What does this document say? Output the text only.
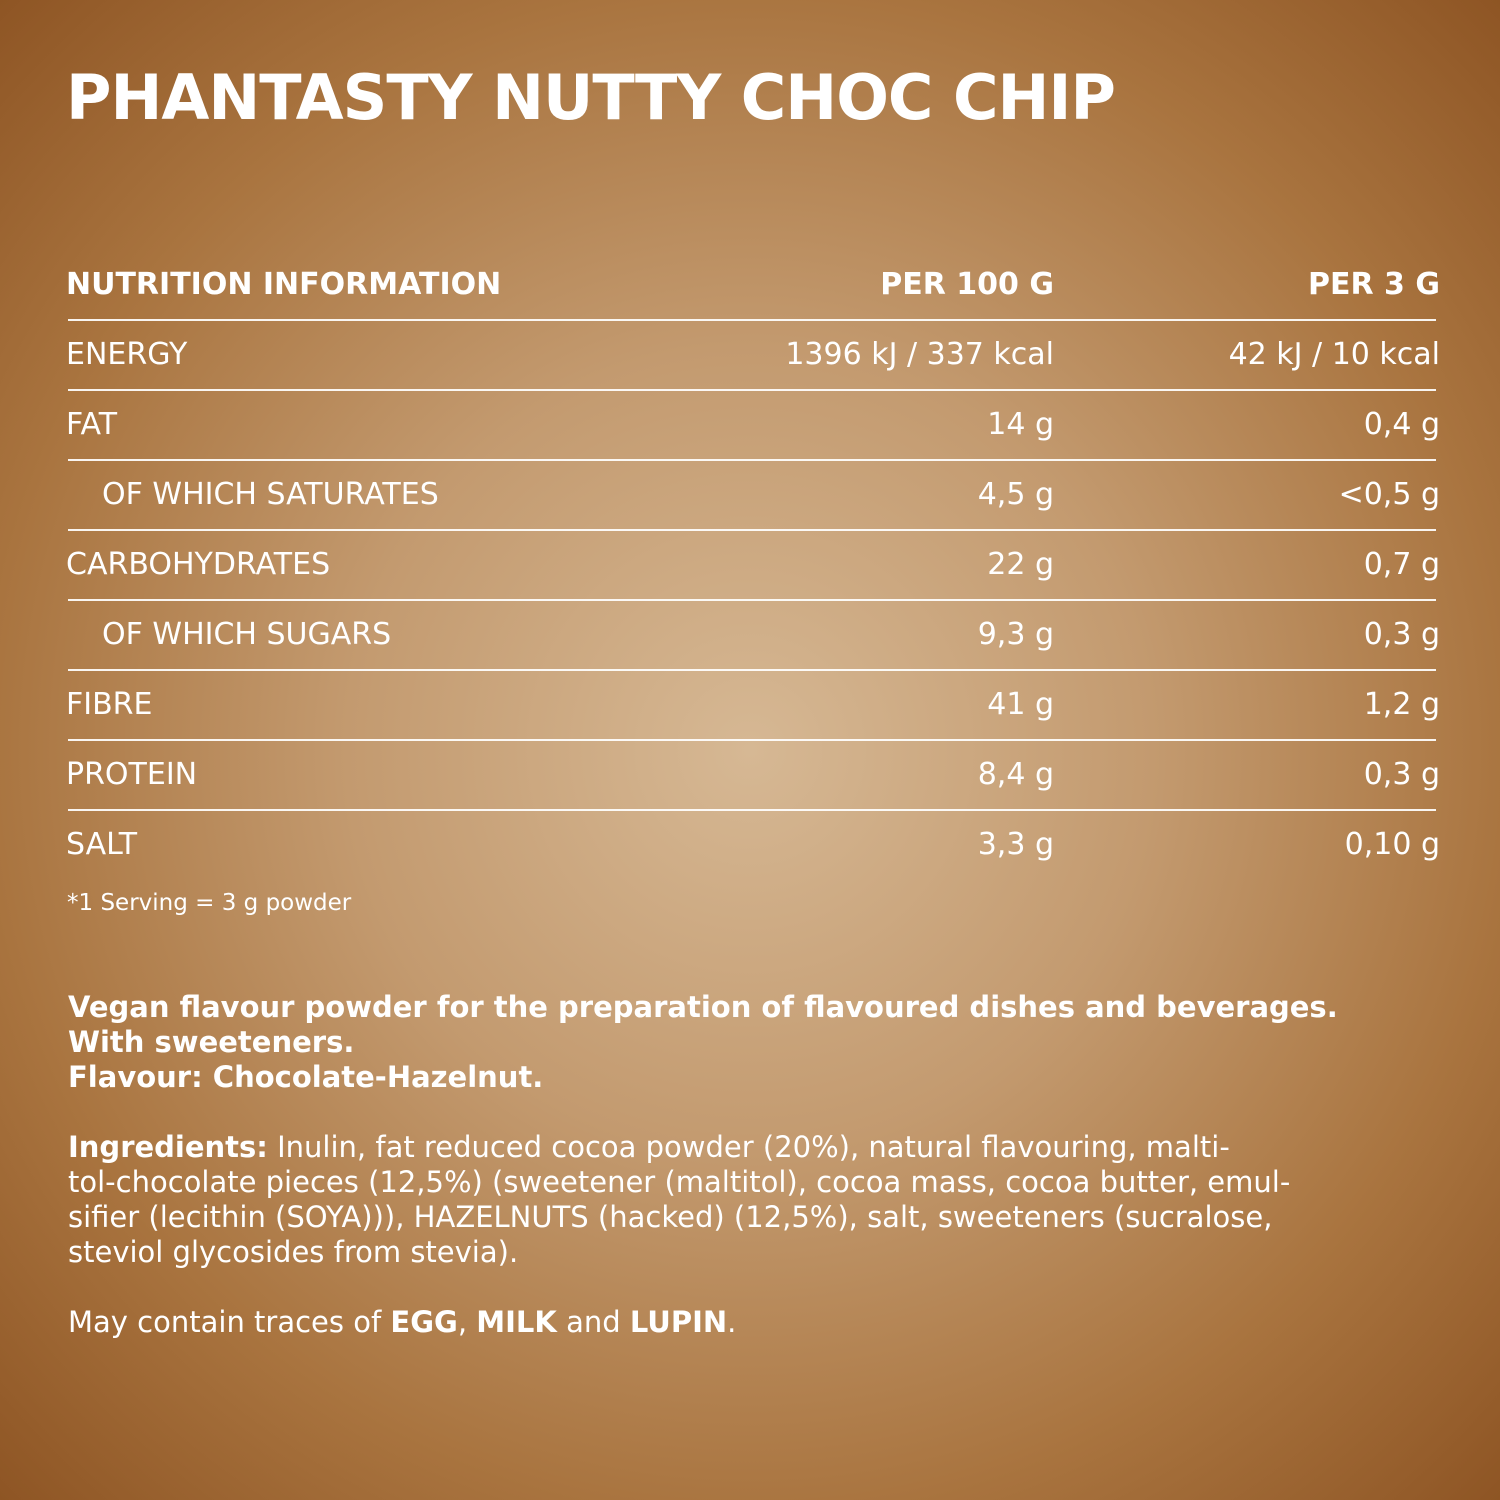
PHANTASTY NUTTY CHOC CHIP
NUTRITION INFORMATION	PER 100 G	PER 3 G
ENERGY	1396 kJ / 337 kcal	42 kJ / 10 kcal
FAT	14 g	0,4 g
OF WHICH SATURATES	4,5 g	<0,5 g
CARBOHYDRATES	22 g	0,7 g
OF WHICH SUGARS	9,3 g	0,3 g
FIBRE	41 g	1,2 g
PROTEIN	8,4 g	0,3 g
SALT	3,3 g	0,10 g
*1 Serving = 3 g powder
Vegan flavour powder for the preparation of flavoured dishes and beverages.
With sweeteners.
Flavour: Chocolate-Hazelnut.
Ingredients: Inulin, fat reduced cocoa powder (20%), natural flavouring, malti-
tol-chocolate pieces (12,5%) (sweetener (maltitol), cocoa mass, cocoa butter, emul-
sifier (lecithin (SOYA))), HAZELNUTS (hacked) (12,5%), salt, sweeteners (sucralose,
steviol glycosides from stevia).
May contain traces of EGG, MILK and LUPIN.
